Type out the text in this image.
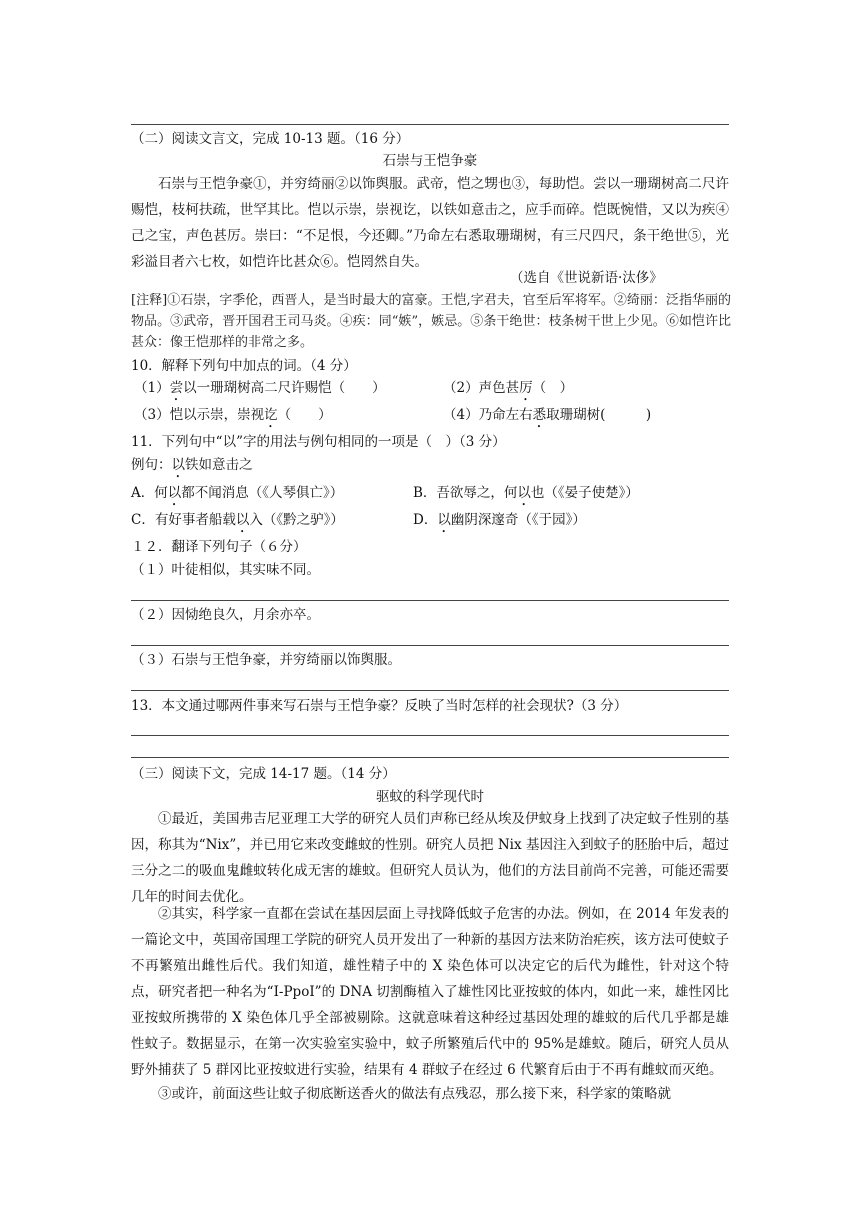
（二）阅读文言文，完成 10-13 题。（16 分）
石崇与王恺争豪
石崇与王恺争豪①，并穷绮丽②以饰舆服。武帝，恺之甥也③，每助恺。尝以一珊瑚树高二尺许赐恺，枝柯扶疏，世罕其比。恺以示崇，崇视讫，以铁如意击之，应手而碎。恺既惋惜，又以为疾④己之宝，声色甚厉。崇曰：“不足恨，今还卿。”乃命左右悉取珊瑚树，有三尺四尺，条干绝世⑤，光彩溢目者六七枚，如恺许比甚众⑥。恺罔然自失。
（选自《世说新语·汰侈》
[注释]①石崇，字季伦，西晋人，是当时最大的富豪。王恺,字君夫，官至后军将军。②绮丽：泛指华丽的物品。③武帝，晋开国君王司马炎。④疾：同“嫉”，嫉忌。⑤条干绝世：枝条树干世上少见。⑥如恺许比甚众：像王恺那样的非常之多。
10．解释下列句中加点的词。（4 分）
（1）尝以一珊瑚树高二尺许赐恺（　　）	（2）声色甚厉（　）
（3）恺以示崇，崇视讫（　　）	（4）乃命左右悉取珊瑚树(　　　)
11．下列句中“以”字的用法与例句相同的一项是（　）（3 分）
例句：以铁如意击之
A．何以都不闻消息（《人琴俱亡》）	B．吾欲辱之，何以也（《晏子使楚》）
C．有好事者船载以入（《黔之驴》）	D．以幽阴深邃奇（《于园》）
１２．翻译下列句子（６分）
（１）叶徒相似，其实味不同。
（２）因恸绝良久，月余亦卒。
（３）石崇与王恺争豪，并穷绮丽以饰舆服。
13．本文通过哪两件事来写石崇与王恺争豪？反映了当时怎样的社会现状?（3 分）
（三）阅读下文，完成 14-17 题。（14 分）
驱蚊的科学现代时
①最近，美国弗吉尼亚理工大学的研究人员们声称已经从埃及伊蚊身上找到了决定蚊子性别的基因，称其为“Nix”，并已用它来改变雌蚊的性别。研究人员把 Nix 基因注入到蚊子的胚胎中后，超过三分之二的吸血鬼雌蚊转化成无害的雄蚊。但研究人员认为，他们的方法目前尚不完善，可能还需要几年的时间去优化。
②其实，科学家一直都在尝试在基因层面上寻找降低蚊子危害的办法。例如，在 2014 年发表的一篇论文中，英国帝国理工学院的研究人员开发出了一种新的基因方法来防治疟疾，该方法可使蚊子不再繁殖出雌性后代。我们知道，雄性精子中的 X 染色体可以决定它的后代为雌性，针对这个特点，研究者把一种名为“I-PpoI”的 DNA 切割酶植入了雄性冈比亚按蚊的体内，如此一来，雄性冈比亚按蚊所携带的 X 染色体几乎全部被剔除。这就意味着这种经过基因处理的雄蚊的后代几乎都是雄性蚊子。数据显示，在第一次实验室实验中，蚊子所繁殖后代中的 95%是雄蚊。随后，研究人员从野外捕获了 5 群冈比亚按蚊进行实验，结果有 4 群蚊子在经过 6 代繁育后由于不再有雌蚊而灭绝。
③或许，前面这些让蚊子彻底断送香火的做法有点残忍，那么接下来，科学家的策略就
